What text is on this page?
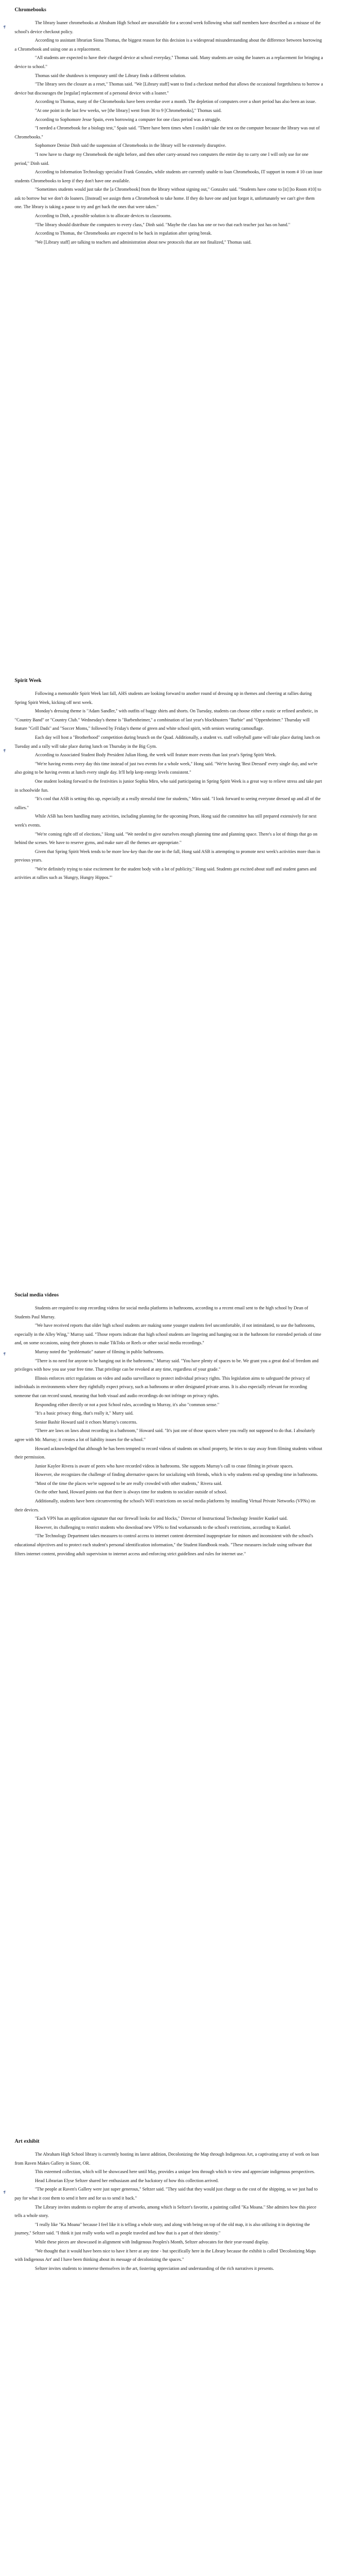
Chromebooks

The library loaner chromebooks at Abraham High School are unavailable for a second week following what staff members have described as a misuse of the school's device checkout policy.

According to assistant librarian Siona Thomas, the biggest reason for this decision is a widespread misunderstanding about the difference between borrowing a Chromebook and using one as a replacement.

"All students are expected to have their charged device at school everyday," Thomas said. Many students are using the loaners as a replacement for bringing a device to school."

Thomas said the shutdown is temporary until the Library finds a different solution.

"The library sees the closure as a reset," Thomas said. "We [Library staff] want to find a checkout method that allows the occasional forgetfulness to borrow a device but discourages the [regular] replacement of a personal device with a loaner."

According to Thomas, many of the Chromebooks have been overdue over a month. The depletion of computers over a short period has also been an issue.

"At one point in the last few weeks, we [the library] went from 30 to 9 [Chromebooks]," Thomas said.

According to Sophomore Jesse Spain, even borrowing a computer for one class period was a struggle.

"I needed a Chromebook for a biology test," Spain said. "There have been times when I couldn't take the test on the computer because the library was out of Chromebooks."

Sophomore Denise Dinh said the suspension of Chromebooks in the library will be extremely disruptive.

"I now have to charge my Chromebook the night before, and then other carry-around two computers the entire day to carry one I will only use for one period," Dinh said.

According to Information Technology specialist Frank Gonzales, while students are currently unable to loan Chromebooks, IT support in room # 10 can issue students Chromebooks to keep if they don't have one available.

"Sometimes students would just take the [a Chromebook] from the library without signing out," Gonzalez said. "Students have come to [it] [to Room #10] to ask to borrow but we don't do loaners. [Instead] we assign them a Chromebook to take home. If they do have one and just forgot it, unfortunately we can't give them one. The library is taking a pause to try and get back the ones that were taken."

According to Dinh, a possible solution is to allocate devices to classrooms.

"The library should distribute the computers to every class," Dinh said. "Maybe the class has one or two that each teacher just has on hand."

According to Thomas, the Chromebooks are expected to be back in regulation after spring break.

"We [Library staff] are talking to teachers and administration about new protocols that are not finalized," Thomas said.

Spirit Week

Following a memorable Spirit Week last fall, AHS students are looking forward to another round of dressing up in themes and cheering at rallies during Spring Spirit Week, kicking off next week.

Monday's dressing theme is "Adam Sandler," with outfits of baggy shirts and shorts. On Tuesday, students can choose either a rustic or refined aesthetic, in "Country Band" or "Country Club." Wednesday's theme is "Barbenheimer," a combination of last year's blockbusters "Barbie" and "Oppenheimer." Thursday will feature "Grill Dads" and "Soccer Moms," followed by Friday's theme of green and white school spirit, with seniors wearing camouflage.

Each day will host a "Brotherhood" competition during brunch on the Quad. Additionally, a student vs. staff volleyball game will take place during lunch on Tuesday and a rally will take place during lunch on Thursday in the Big Gym.

According to Associated Student Body President Julian Hong, the week will feature more events than last year's Spring Spirit Week.

"We're having events every day this time instead of just two events for a whole week," Hong said. "We're having 'Best Dressed' every single day, and we're also going to be having events at lunch every single day. It'll help keep energy levels consistent."

One student looking forward to the festivities is junior Sophia Miro, who said participating in Spring Spirit Week is a great way to relieve stress and take part in schoolwide fun.

"It's cool that ASB is setting this up, especially at a really stressful time for students," Miro said. "I look forward to seeing everyone dressed up and all of the rallies."

While ASB has been handling many activities, including planning for the upcoming Prom, Hong said the committee has still prepared extensively for next week's events.

"We're coming right off of elections," Hong said. "We needed to give ourselves enough planning time and planning space. There's a lot of things that go on behind the scenes. We have to reserve gyms, and make sure all the themes are appropriate."

Given that Spring Spirit Week tends to be more low-key than the one in the fall, Hong said ASB is attempting to promote next week's activities more than in previous years.

"We're definitely trying to raise excitement for the student body with a lot of publicity," Hong said. Students got excited about staff and student games and activities at rallies such as 'Hungry, Hungry Hippos.'"

Social media videos

Students are required to stop recording videos for social media platforms in bathrooms, according to a recent email sent to the high school by Dean of Students Paul Murray.

"We have received reports that older high school students are making some younger students feel uncomfortable, if not intimidated, to use the bathrooms, especially in the Alley Wing," Murray said. "Those reports indicate that high school students are lingering and hanging out in the bathroom for extended periods of time and, on some occasions, using their phones to make TikToks or Reels or other social media recordings."

Murray noted the "problematic" nature of filming in public bathrooms.

"There is no need for anyone to be hanging out in the bathrooms," Murray said. "You have plenty of spaces to be. We grant you a great deal of freedom and privileges with how you use your free time. That privilege can be revoked at any time, regardless of your grade."

Illinois enforces strict regulations on video and audio surveillance to protect individual privacy rights. This legislation aims to safeguard the privacy of individuals in environments where they rightfully expect privacy, such as bathrooms or other designated private areas. It is also especially relevant for recording someone that can record sound, meaning that both visual and audio recordings do not infringe on privacy rights.

Responding either directly or not a post School rules, according to Murray, it's also "common sense."

"It's a basic privacy thing, that's really it," Murry said.

Senior Bashir Howard said it echoes Murray's concerns.

"There are laws on laws about recording in a bathroom," Howard said. "It's just one of those spaces where you really not supposed to do that. I absolutely agree with Mr. Murray; it creates a lot of liability issues for the school."

Howard acknowledged that although he has been tempted to record videos of students on school property, he tries to stay away from filming students without their permission.

Junior Kaylee Rivera is aware of peers who have recorded videos in bathrooms. She supports Murray's call to cease filming in private spaces.

However, she recognizes the challenge of finding alternative spaces for socializing with friends, which is why students end up spending time in bathrooms.

"Most of the time the places we're supposed to be are really crowded with other students," Rivera said.

On the other hand, Howard points out that there is always time for students to socialize outside of school.

Additionally, students have been circumventing the school's WiFi restrictions on social media platforms by installing Virtual Private Networks (VPNs) on their devices.

"Each VPN has an application signature that our firewall looks for and blocks," Director of Instructional Technology Jennifer Kunkel said.

However, its challenging to restrict students who download new VPNs to find workarounds to the school's restrictions, according to Kunkel.

"The Technology Department takes measures to control access to internet content determined inappropriate for minors and inconsistent with the school's educational objectives and to protect each student's personal identification information," the Student Handbook reads. "These measures include using software that filters internet content, providing adult supervision to internet access and enforcing strict guidelines and rules for internet use."

Art exhibit

The Abraham High School library is currently hosting its latest addition, Decolonizing the Map through Indigenous Art, a captivating array of work on loan from Raven Makes Gallery in Sister, OR.

This esteemed collection, which will be showcased here until May, provides a unique lens through which to view and appreciate indigenous perspectives.

Head Librarian Elyse Seltzer shared her enthusiasm and the backstory of how this collection arrived.

"The people at Raven's Gallery were just super generous," Seltzer said. "They said that they would just charge us the cost of the shipping, so we just had to pay for what it cost them to send it here and for us to send it back."

The Library invites students to explore the array of artworks, among which is Seltzer's favorite, a painting called "Ka Moana." She admires how this piece tells a whole story.

"I really like "Ka Moana" because I feel like it is telling a whole story, and along with being on top of the old map, it is also utilizing it in depicting the journey," Seltzer said. "I think it just really works well as people traveled and how that is a part of their identity."

While these pieces are showcased in alignment with Indigenous Peoples's Month, Seltzer advocates for their year-round display.

"We thought that it would have been nice to have it here at any time - but specifically here in the Library because the exhibit is called 'Decolonizing Maps with Indigenous Art' and I have been thinking about its message of decolonizing the spaces."

Seltzer invites students to immerse themselves in the art, fostering appreciation and understanding of the rich narratives it presents.

¶
¶
¶
¶
